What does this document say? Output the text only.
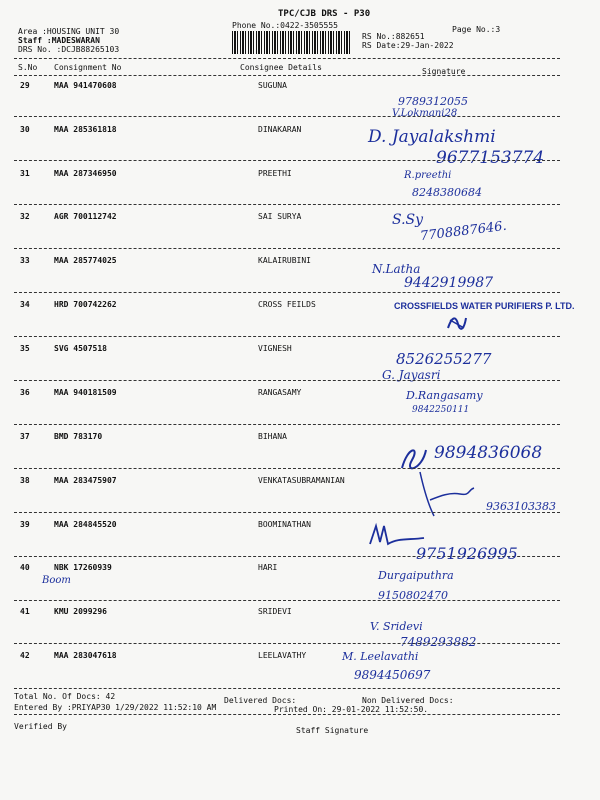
TPC/CJB DRS - P30
Phone No.:0422-3505555
Area :HOUSING UNIT 30
Staff :MADESWARAN
DRS No. :DCJB88265103
RS No.:882651
RS Date:29-Jan-2022
Page No.:3
S.No Consignment No	Consignee Details	Signature
29	MAA 941470608	SUGUNA
9789312055
V.Lokmani28
30	MAA 285361818	DINAKARAN	D. Jayalakshmi
9677153774
31	MAA 287346950	PREETHI	R.preethi
8248380684
32	AGR 700112742	SAI SURYA	S.Sy
7708887646.
33	MAA 285774025	KALAIRUBINI
N.Latha
9442919987
34	HRD 700742262	CROSS FEILDS	CROSSFIELDS WATER PURIFIERS P. LTD.
35	SVG 4507518	VIGNESH
8526255277
G. Jayasri
36	MAA 940181509	RANGASAMY	D.Rangasamy
9842250111
37	BMD 783170	BIHANA
9894836068
38	MAA 283475907	VENKATASUBRAMANIAN
9363103383
39	MAA 284845520	BOOMINATHAN
40	NBK 17260939	HARI
Boom
9751926995
Durgaiputhra 9150802470
41	KMU 2099296	SRIDEVI
V. Sridevi
7489293882
42	MAA 283047618	LEELAVATHY	M. Leelavathi
9894450697
Total No. Of Docs: 42	Delivered Docs:	Non Delivered Docs:
Entered By :PRIYAP30 1/29/2022 11:52:10 AM	Printed On: 29-01-2022 11:52:50.
Verified By	Staff Signature
